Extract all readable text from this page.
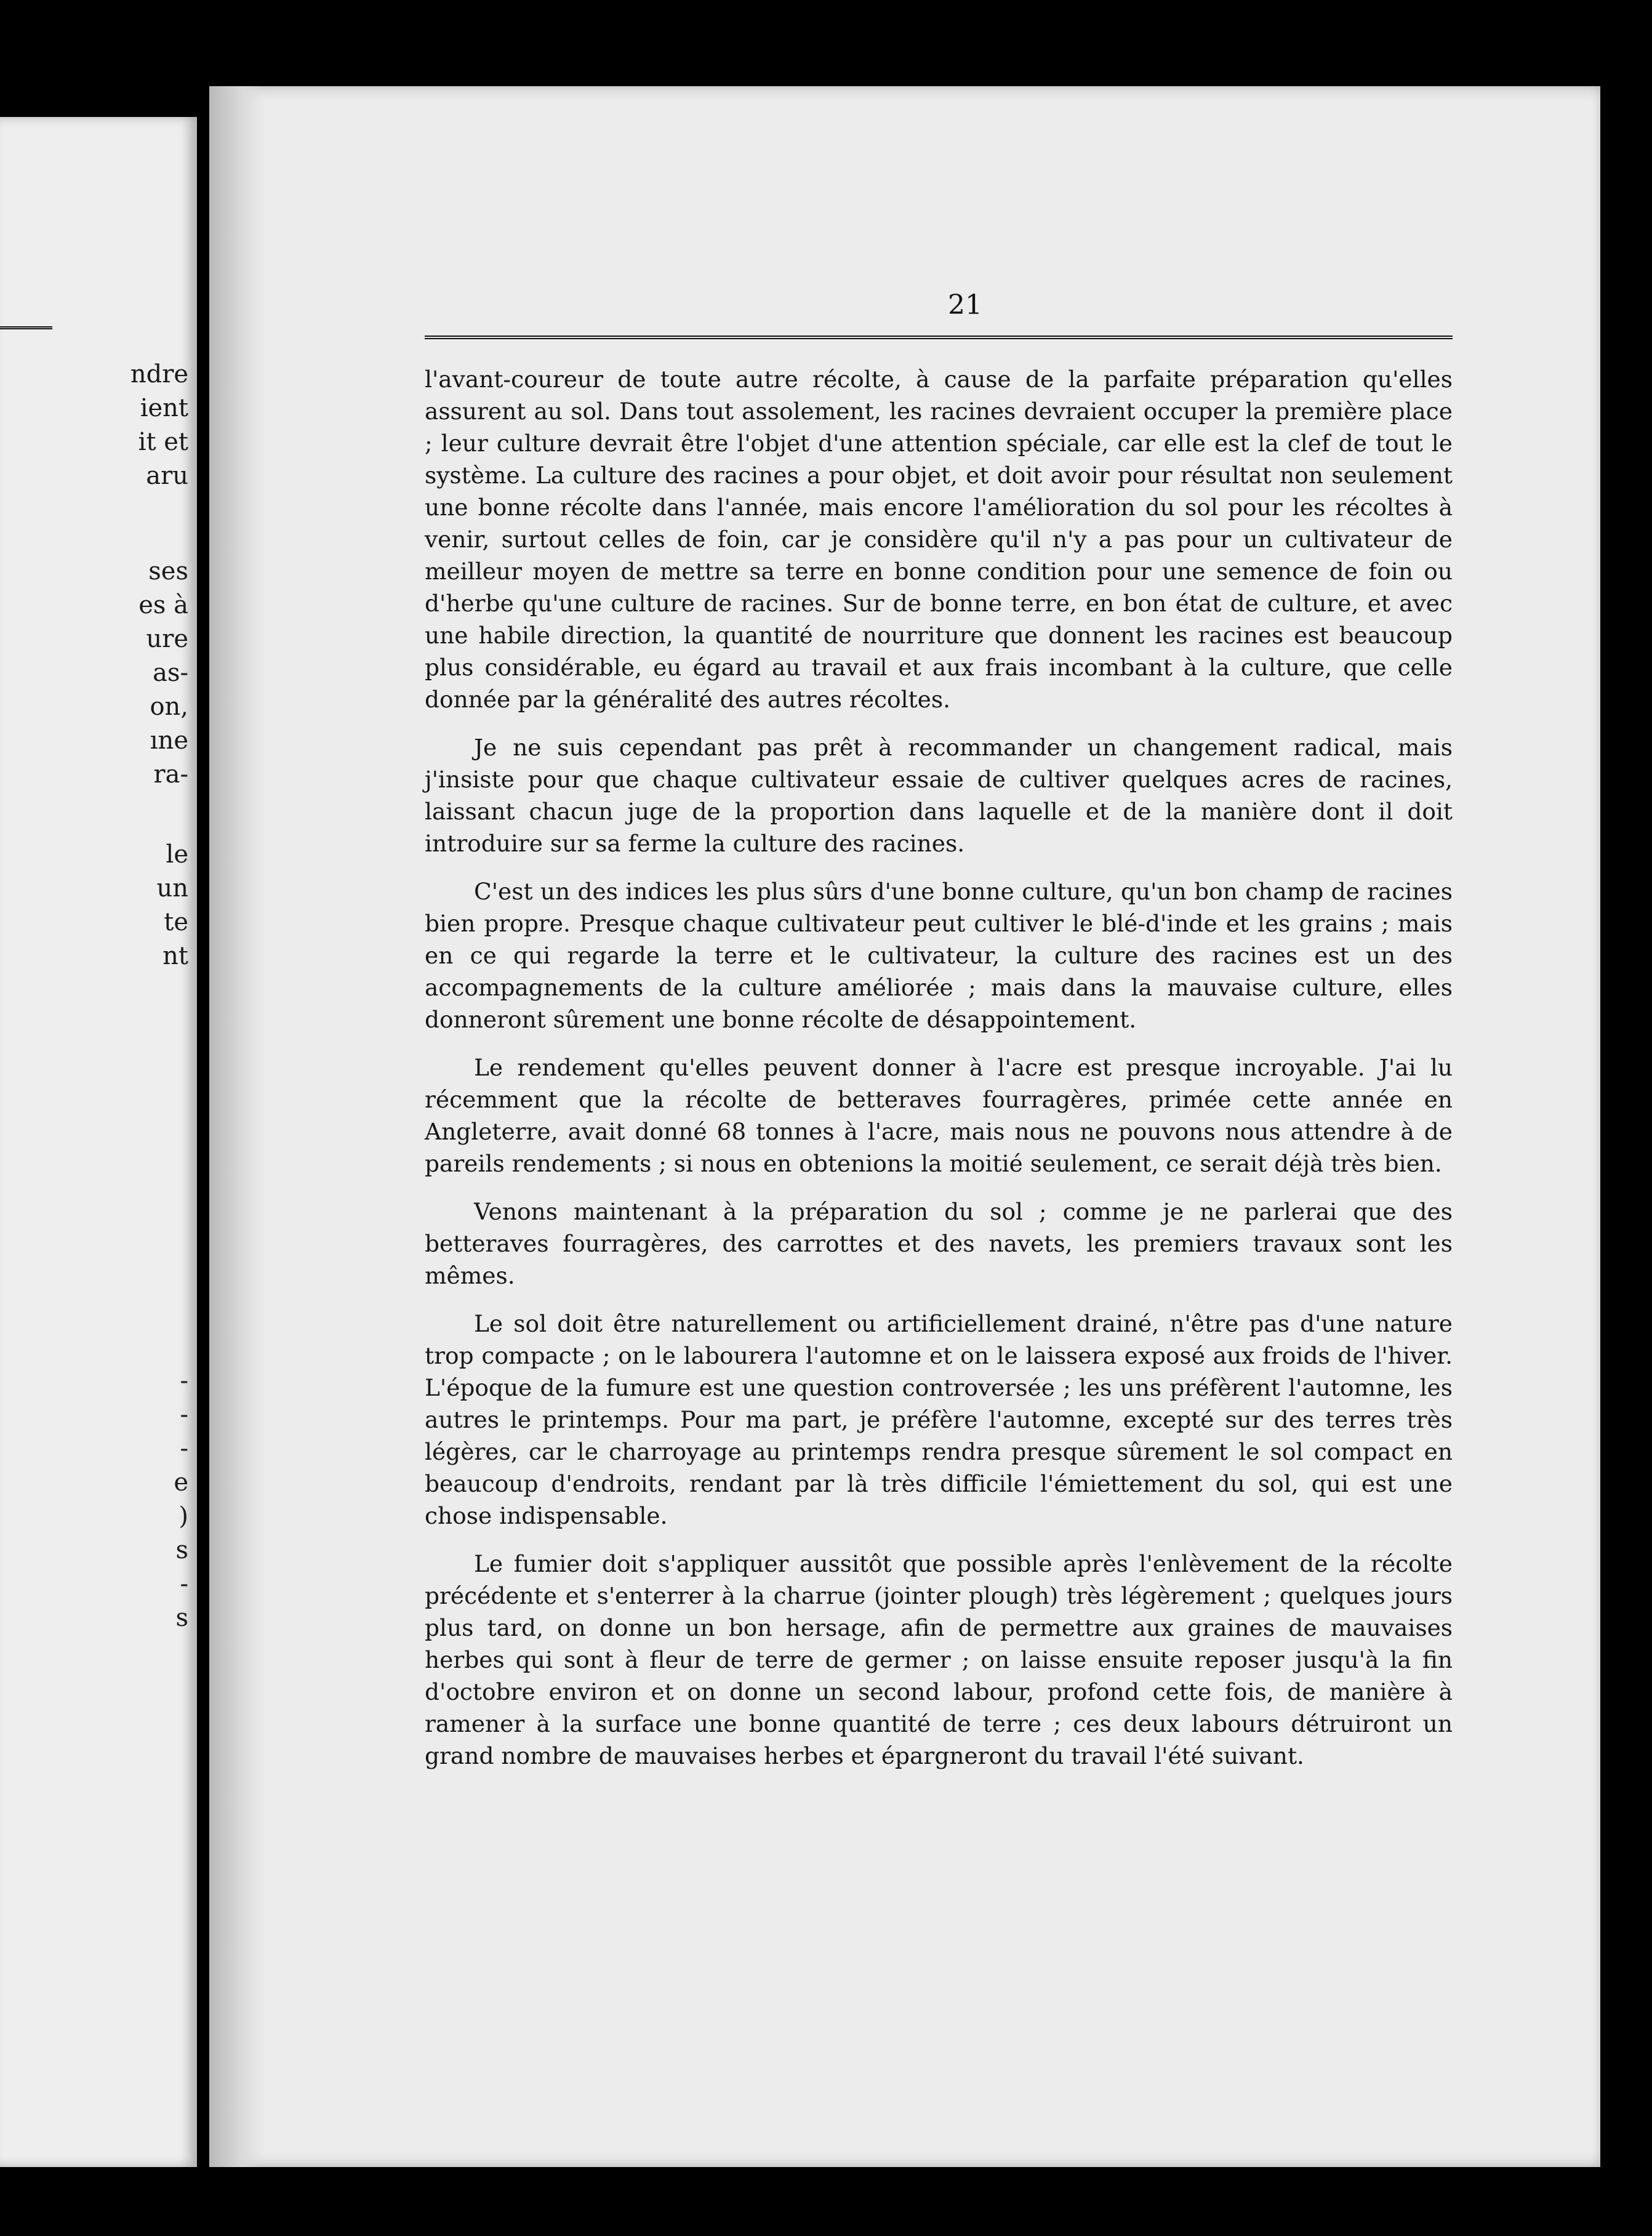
ndre
ient
it et
aru
ses
es à
ure
as‑
on,
ıne
ra-
le
un
te
nt
-
-
-
e
)
s
-
s
21

l'avant-coureur de toute autre récolte, à cause de la parfaite préparation qu'elles assurent au sol. Dans tout assolement, les racines devraient occuper la première place ; leur culture devrait être l'objet d'une attention spéciale, car elle est la clef de tout le système. La culture des racines a pour objet, et doit avoir pour résultat non seulement une bonne récolte dans l'année, mais encore l'amélioration du sol pour les récoltes à venir, surtout celles de foin, car je considère qu'il n'y a pas pour un cultivateur de meilleur moyen de mettre sa terre en bonne condition pour une semence de foin ou d'herbe qu'une culture de racines. Sur de bonne terre, en bon état de culture, et avec une habile direction, la quantité de nourriture que donnent les racines est beaucoup plus considérable, eu égard au travail et aux frais incombant à la culture, que celle donnée par la généralité des autres récoltes.

Je ne suis cependant pas prêt à recommander un changement radical, mais j'insiste pour que chaque cultivateur essaie de cultiver quelques acres de racines, laissant chacun juge de la proportion dans laquelle et de la manière dont il doit introduire sur sa ferme la culture des racines.

C'est un des indices les plus sûrs d'une bonne culture, qu'un bon champ de racines bien propre. Presque chaque cultivateur peut cultiver le blé-d'inde et les grains ; mais en ce qui regarde la terre et le cultivateur, la culture des racines est un des accompagnements de la culture améliorée ; mais dans la mauvaise culture, elles donneront sûrement une bonne récolte de désappointement.

Le rendement qu'elles peuvent donner à l'acre est presque incroyable. J'ai lu récemment que la récolte de betteraves fourragères, primée cette année en Angleterre, avait donné 68 tonnes à l'acre, mais nous ne pouvons nous attendre à de pareils rendements ; si nous en obtenions la moitié seulement, ce serait déjà très bien.

Venons maintenant à la préparation du sol ; comme je ne parlerai que des betteraves fourragères, des carrottes et des navets, les premiers travaux sont les mêmes.

Le sol doit être naturellement ou artificiellement drainé, n'être pas d'une nature trop compacte ; on le labourera l'automne et on le laissera exposé aux froids de l'hiver. L'époque de la fumure est une question controversée ; les uns préfèrent l'automne, les autres le printemps. Pour ma part, je préfère l'automne, excepté sur des terres très légères, car le charroyage au printemps rendra presque sûrement le sol compact en beaucoup d'endroits, rendant par là très difficile l'émiettement du sol, qui est une chose indispensable.

Le fumier doit s'appliquer aussitôt que possible après l'enlèvement de la récolte précédente et s'enterrer à la charrue (jointer plough) très légèrement ; quelques jours plus tard, on donne un bon hersage, afin de permettre aux graines de mauvaises herbes qui sont à fleur de terre de germer ; on laisse ensuite reposer jusqu'à la fin d'octobre environ et on donne un second labour, profond cette fois, de manière à ramener à la surface une bonne quantité de terre ; ces deux labours détruiront un grand nombre de mauvaises herbes et épargneront du travail l'été suivant.
